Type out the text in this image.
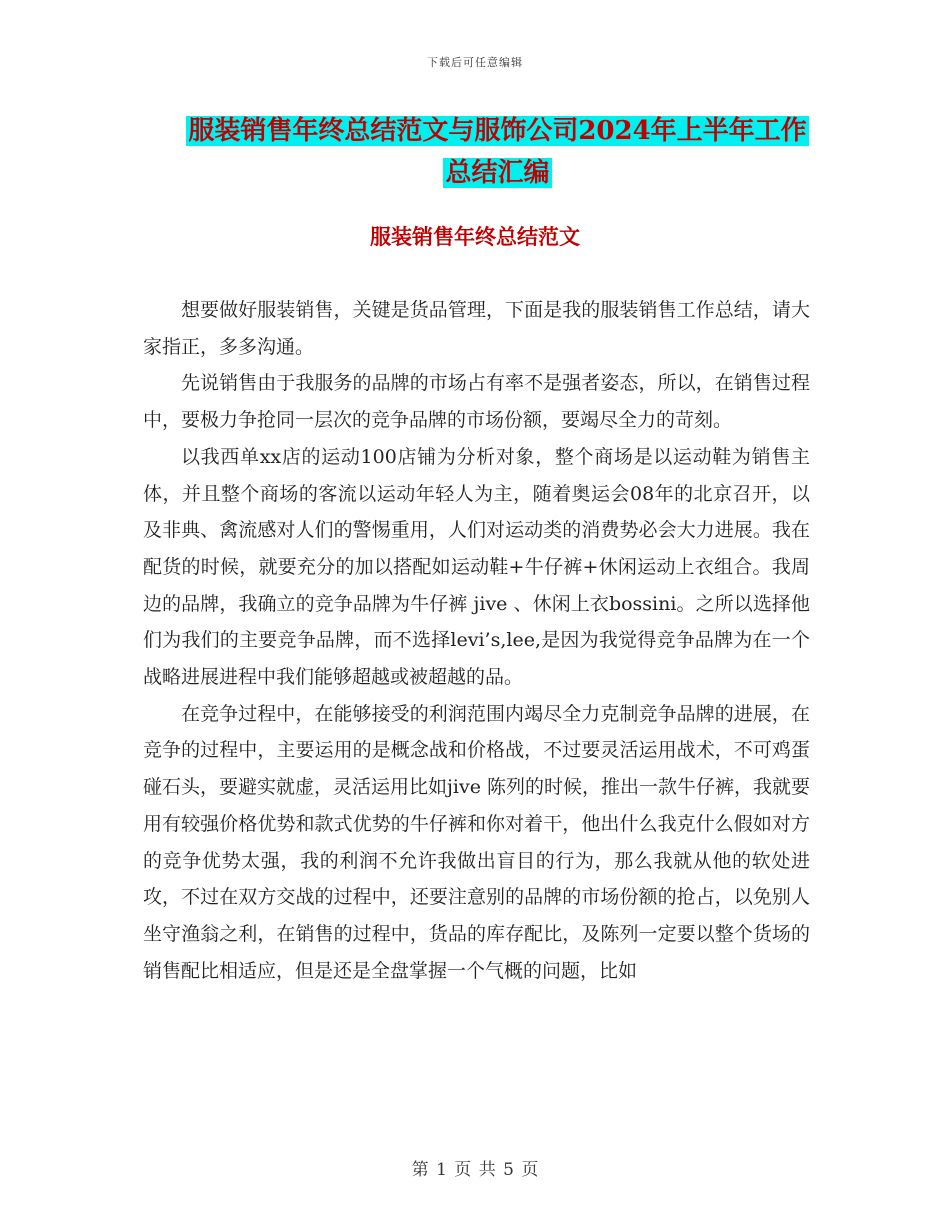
下载后可任意编辑
服装销售年终总结范文与服饰公司2024年上半年工作总结汇编
服装销售年终总结范文

想要做好服装销售，关键是货品管理，下面是我的服装销售工作总结，请大家指正，多多沟通。

先说销售由于我服务的品牌的市场占有率不是强者姿态，所以，在销售过程中，要极力争抢同一层次的竞争品牌的市场份额，要竭尽全力的苛刻。

以我西单xx店的运动100店铺为分析对象，整个商场是以运动鞋为销售主体，并且整个商场的客流以运动年轻人为主，随着奥运会08年的北京召开，以及非典、禽流感对人们的警惕重用，人们对运动类的消费势必会大力进展。我在配货的时候，就要充分的加以搭配如运动鞋+牛仔裤+休闲运动上衣组合。我周边的品牌，我确立的竞争品牌为牛仔裤 jive 、休闲上衣bossini。之所以选择他们为我们的主要竞争品牌，而不选择levi’s,lee,是因为我觉得竞争品牌为在一个战略进展进程中我们能够超越或被超越的品。

在竞争过程中，在能够接受的利润范围内竭尽全力克制竞争品牌的进展，在竞争的过程中，主要运用的是概念战和价格战，不过要灵活运用战术，不可鸡蛋碰石头，要避实就虚，灵活运用比如jive 陈列的时候，推出一款牛仔裤，我就要用有较强价格优势和款式优势的牛仔裤和你对着干，他出什么我克什么假如对方的竞争优势太强，我的利润不允许我做出盲目的行为，那么我就从他的软处进攻，不过在双方交战的过程中，还要注意别的品牌的市场份额的抢占，以免别人坐守渔翁之利，在销售的过程中，货品的库存配比，及陈列一定要以整个货场的销售配比相适应，但是还是全盘掌握一个气概的问题，比如

第 1 页 共 5 页
